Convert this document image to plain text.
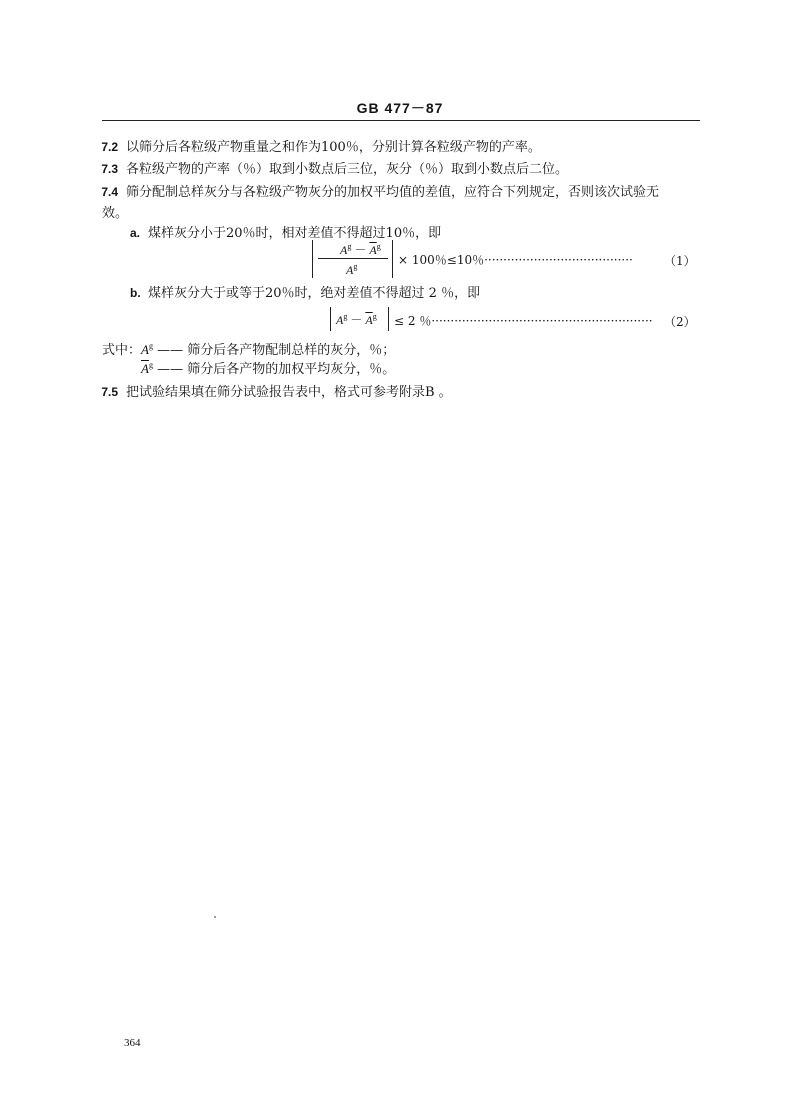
GB 477－87
7.2 以筛分后各粒级产物重量之和作为100％，分别计算各粒级产物的产率。
7.3 各粒级产物的产率（％）取到小数点后三位，灰分（％）取到小数点后二位。
7.4 筛分配制总样灰分与各粒级产物灰分的加权平均值的差值，应符合下列规定，否则该次试验无
效。
a. 煤样灰分小于20％时，相对差值不得超过10％，即
$A^g - \overline{A}^g$
$A^g$	× 100％≤10％·······································	（1）
b. 煤样灰分大于或等于20％时，绝对差值不得超过 2 ％，即
$A^g - \overline{A}^g \le 2$ ％·························································· （2）
式中：$A^g$ —— 筛分后各产物配制总样的灰分，％；
$\overline{A}^g$ —— 筛分后各产物的加权平均灰分，％。
7.5 把试验结果填在筛分试验报告表中，格式可参考附录B 。
364
